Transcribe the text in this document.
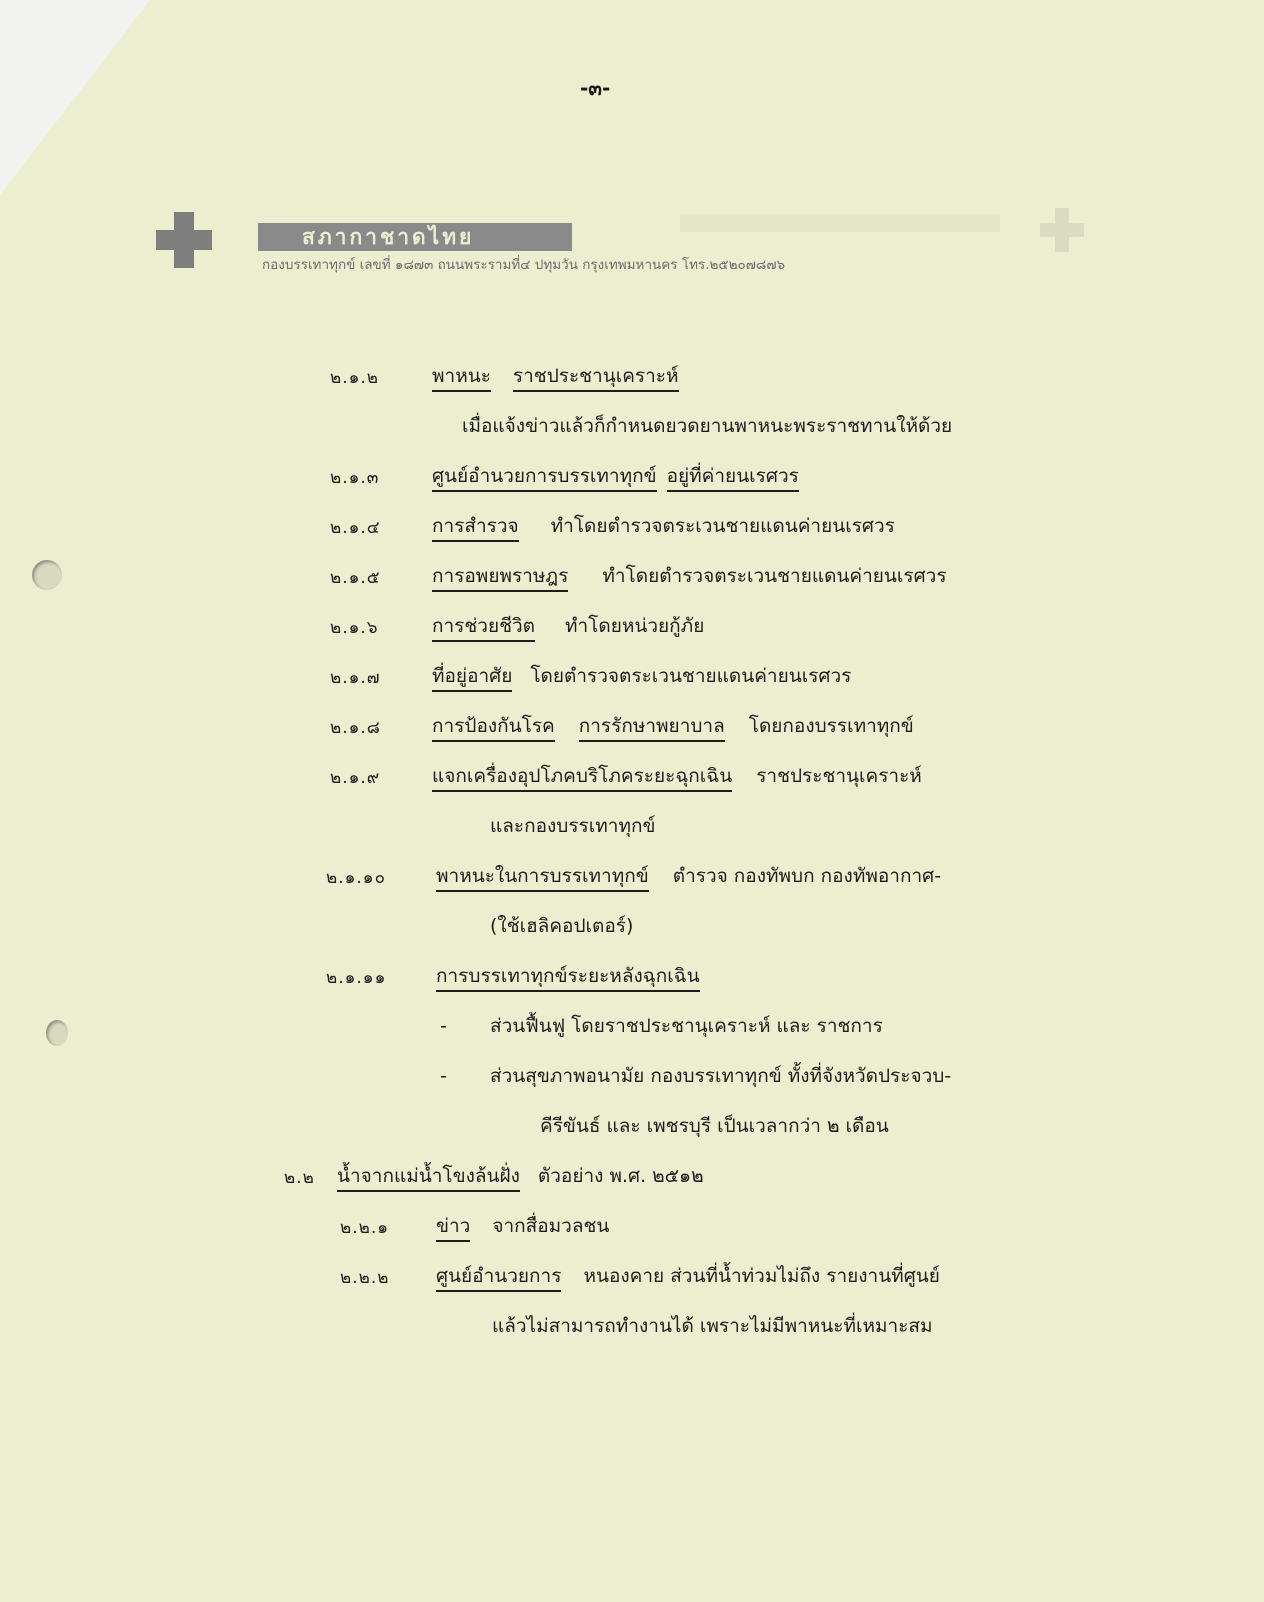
-๓-
สภากาชาดไทย
กองบรรเทาทุกข์ เลขที่ ๑๘๗๓ ถนนพระรามที่๔ ปทุมวัน กรุงเทพมหานคร โทร.๒๕๒๐๗๘๗๖
๒.๑.๒	พาหนะ ราชประชานุเคราะห์
เมื่อแจ้งข่าวแล้วก็กำหนดยวดยานพาหนะพระราชทานให้ด้วย
๒.๑.๓	ศูนย์อำนวยการบรรเทาทุกข์ อยู่ที่ค่ายนเรศวร
๒.๑.๔	การสำรวจ ทำโดยตำรวจตระเวนชายแดนค่ายนเรศวร
๒.๑.๕	การอพยพราษฎร ทำโดยตำรวจตระเวนชายแดนค่ายนเรศวร
๒.๑.๖	การช่วยชีวิต ทำโดยหน่วยกู้ภัย
๒.๑.๗	ที่อยู่อาศัย โดยตำรวจตระเวนชายแดนค่ายนเรศวร
๒.๑.๘	การป้องกันโรค การรักษาพยาบาล โดยกองบรรเทาทุกข์
๒.๑.๙	แจกเครื่องอุปโภคบริโภคระยะฉุกเฉิน ราชประชานุเคราะห์
และกองบรรเทาทุกข์
๒.๑.๑๐	พาหนะในการบรรเทาทุกข์ ตำรวจ กองทัพบก กองทัพอากาศ-
(ใช้เฮลิคอปเตอร์)
๒.๑.๑๑	การบรรเทาทุกข์ระยะหลังฉุกเฉิน
- ส่วนฟื้นฟู โดยราชประชานุเคราะห์ และ ราชการ
- ส่วนสุขภาพอนามัย กองบรรเทาทุกข์ ทั้งที่จังหวัดประจวบ-
คีรีขันธ์ และ เพชรบุรี เป็นเวลากว่า ๒ เดือน
๒.๒ น้ำจากแม่น้ำโขงล้นฝั่ง ตัวอย่าง พ.ศ. ๒๕๑๒
๒.๒.๑ ข่าว จากสื่อมวลชน
๒.๒.๒ ศูนย์อำนวยการ หนองคาย ส่วนที่น้ำท่วมไม่ถึง รายงานที่ศูนย์
แล้วไม่สามารถทำงานได้ เพราะไม่มีพาหนะที่เหมาะสม
